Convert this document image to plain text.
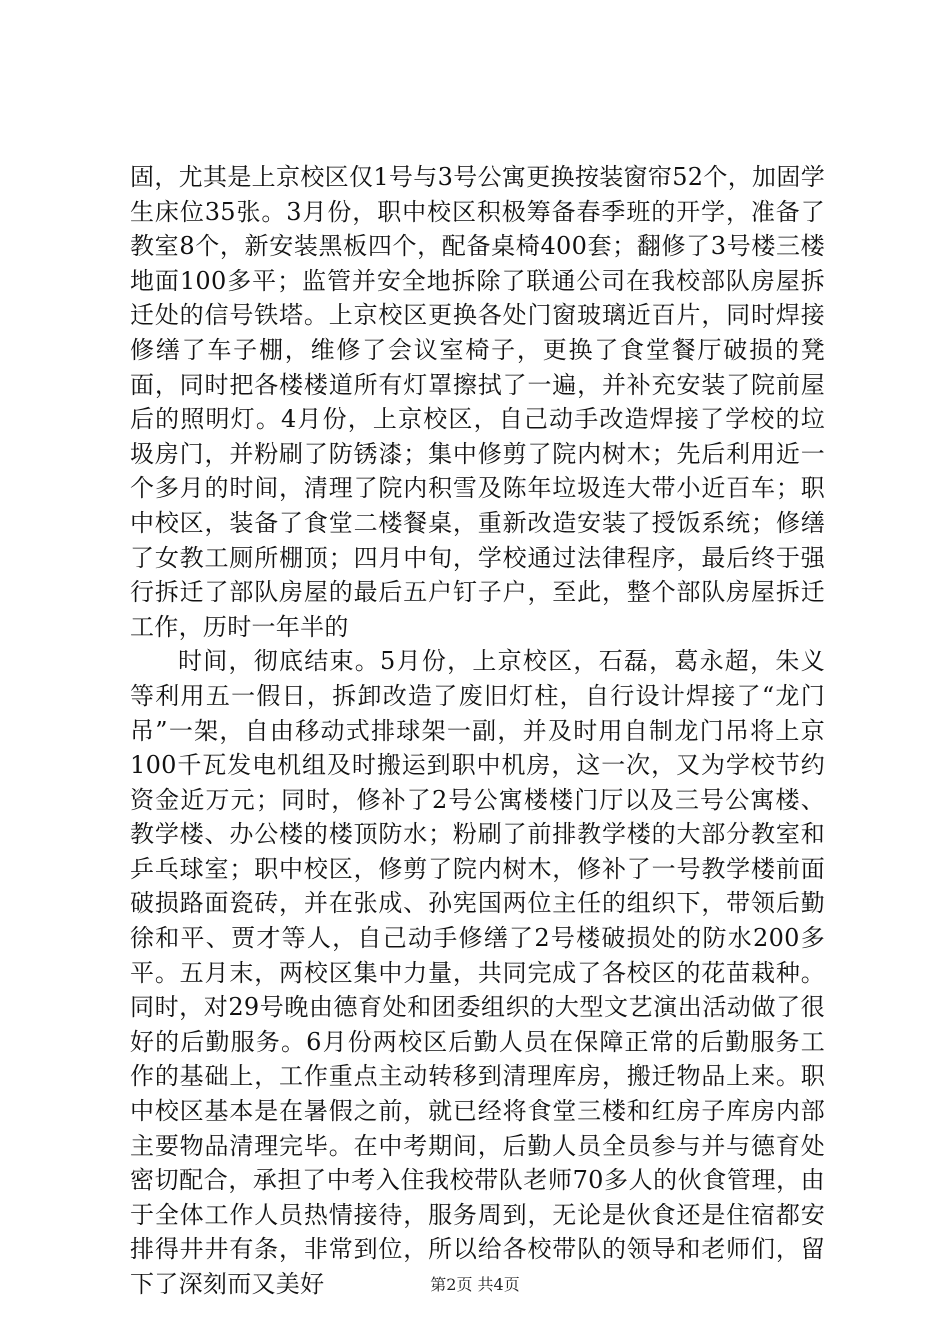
固，尤其是上京校区仅1号与3号公寓更换按装窗帘52个，加固学生床位35张。3月份，职中校区积极筹备春季班的开学，准备了教室8个，新安装黑板四个，配备桌椅400套；翻修了3号楼三楼地面100多平；监管并安全地拆除了联通公司在我校部队房屋拆迁处的信号铁塔。上京校区更换各处门窗玻璃近百片，同时焊接修缮了车子棚，维修了会议室椅子，更换了食堂餐厅破损的凳面，同时把各楼楼道所有灯罩擦拭了一遍，并补充安装了院前屋后的照明灯。4月份，上京校区，自己动手改造焊接了学校的垃圾房门，并粉刷了防锈漆；集中修剪了院内树木；先后利用近一个多月的时间，清理了院内积雪及陈年垃圾连大带小近百车；职中校区，装备了食堂二楼餐桌，重新改造安装了授饭系统；修缮了女教工厕所棚顶；四月中旬，学校通过法律程序，最后终于强行拆迁了部队房屋的最后五户钉子户，至此，整个部队房屋拆迁工作，历时一年半的

时间，彻底结束。5月份，上京校区，石磊，葛永超，朱义等利用五一假日，拆卸改造了废旧灯柱，自行设计焊接了“龙门吊”一架，自由移动式排球架一副，并及时用自制龙门吊将上京100千瓦发电机组及时搬运到职中机房，这一次，又为学校节约资金近万元；同时，修补了2号公寓楼楼门厅以及三号公寓楼、教学楼、办公楼的楼顶防水；粉刷了前排教学楼的大部分教室和乒乓球室；职中校区，修剪了院内树木，修补了一号教学楼前面破损路面瓷砖，并在张成、孙宪国两位主任的组织下，带领后勤徐和平、贾才等人，自己动手修缮了2号楼破损处的防水200多平。五月末，两校区集中力量，共同完成了各校区的花苗栽种。同时，对29号晚由德育处和团委组织的大型文艺演出活动做了很好的后勤服务。6月份两校区后勤人员在保障正常的后勤服务工作的基础上，工作重点主动转移到清理库房，搬迁物品上来。职中校区基本是在暑假之前，就已经将食堂三楼和红房子库房内部主要物品清理完毕。在中考期间，后勤人员全员参与并与德育处密切配合，承担了中考入住我校带队老师70多人的伙食管理，由于全体工作人员热情接待，服务周到，无论是伙食还是住宿都安排得井井有条，非常到位，所以给各校带队的领导和老师们，留下了深刻而又美好	第2页 共4页
